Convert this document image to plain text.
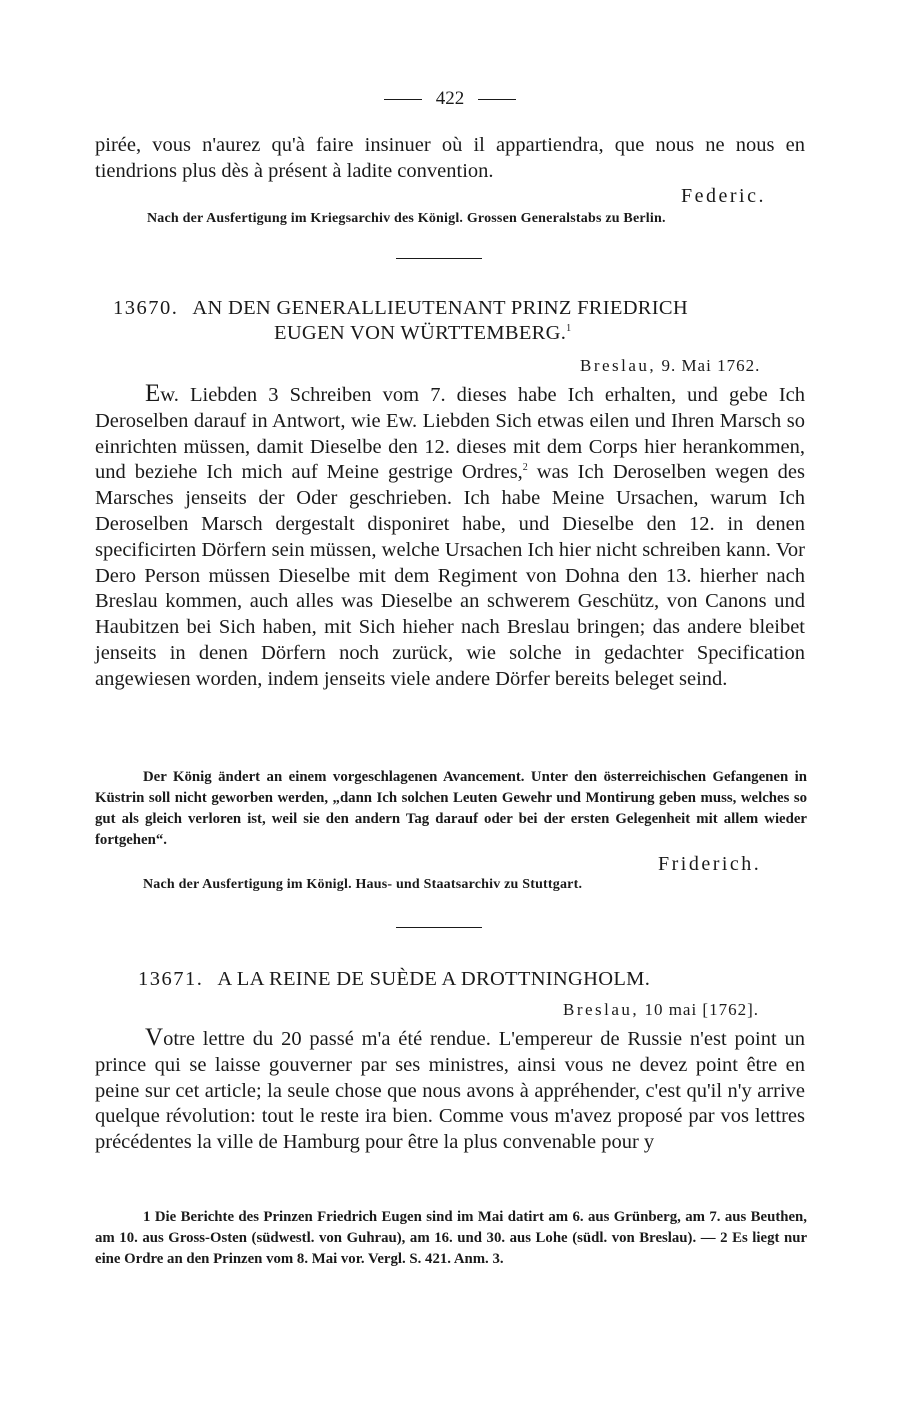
422

pirée, vous n'aurez qu'à faire insinuer où il appartiendra, que nous ne nous en tiendrions plus dès à présent à ladite convention.

Federic.
Nach der Ausfertigung im Kriegsarchiv des Königl. Grossen Generalstabs zu Berlin.
13670. AN DEN GENERALLIEUTENANT PRINZ FRIEDRICH
EUGEN VON WÜRTTEMBERG.$^1$
Breslau, 9. Mai 1762.

Ew. Liebden 3 Schreiben vom 7. dieses habe Ich erhalten, und gebe Ich Deroselben darauf in Antwort, wie Ew. Liebden Sich etwas eilen und Ihren Marsch so einrichten müssen, damit Dieselbe den 12. dieses mit dem Corps hier herankommen, und beziehe Ich mich auf Meine gestrige Ordres,$^2$ was Ich Deroselben wegen des Marsches jenseits der Oder geschrieben. Ich habe Meine Ursachen, warum Ich Deroselben Marsch dergestalt disponiret habe, und Dieselbe den 12. in denen specificirten Dörfern sein müssen, welche Ursachen Ich hier nicht schreiben kann. Vor Dero Person müssen Dieselbe mit dem Regiment von Dohna den 13. hierher nach Breslau kommen, auch alles was Dieselbe an schwerem Geschütz, von Canons und Haubitzen bei Sich haben, mit Sich hieher nach Breslau bringen; das andere bleibet jenseits in denen Dörfern noch zurück, wie solche in gedachter Specification angewiesen worden, indem jenseits viele andere Dörfer bereits beleget seind.

Der König ändert an einem vorgeschlagenen Avancement. Unter den österreichischen Gefangenen in Küstrin soll nicht geworben werden, „dann Ich solchen Leuten Gewehr und Montirung geben muss, welches so gut als gleich verloren ist, weil sie den andern Tag darauf oder bei der ersten Gelegenheit mit allem wieder fortgehen“.

Friderich.
Nach der Ausfertigung im Königl. Haus- und Staatsarchiv zu Stuttgart.
13671. A LA REINE DE SUÈDE A DROTTNINGHOLM.
Breslau, 10 mai [1762].

Votre lettre du 20 passé m'a été rendue. L'empereur de Russie n'est point un prince qui se laisse gouverner par ses ministres, ainsi vous ne devez point être en peine sur cet article; la seule chose que nous avons à appréhender, c'est qu'il n'y arrive quelque révolution: tout le reste ira bien. Comme vous m'avez proposé par vos lettres précédentes la ville de Hamburg pour être la plus convenable pour y

1 Die Berichte des Prinzen Friedrich Eugen sind im Mai datirt am 6. aus Grünberg, am 7. aus Beuthen, am 10. aus Gross-Osten (südwestl. von Guhrau), am 16. und 30. aus Lohe (südl. von Breslau). — 2 Es liegt nur eine Ordre an den Prinzen vom 8. Mai vor. Vergl. S. 421. Anm. 3.
